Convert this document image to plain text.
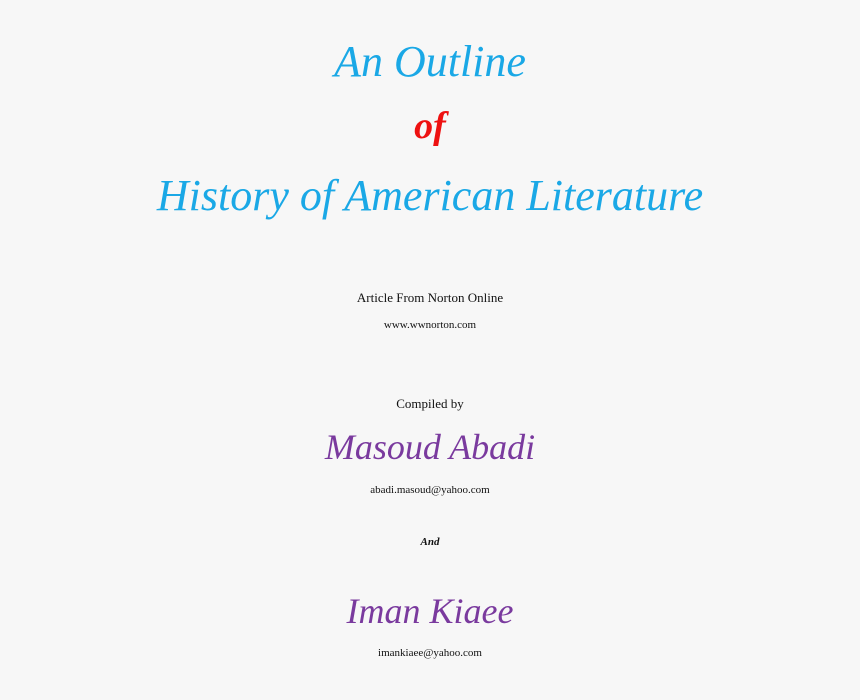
An Outline
of
History of American Literature
Article From Norton Online
www.wwnorton.com
Compiled by
Masoud Abadi
abadi.masoud@yahoo.com
And
Iman Kiaee
imankiaee@yahoo.com
